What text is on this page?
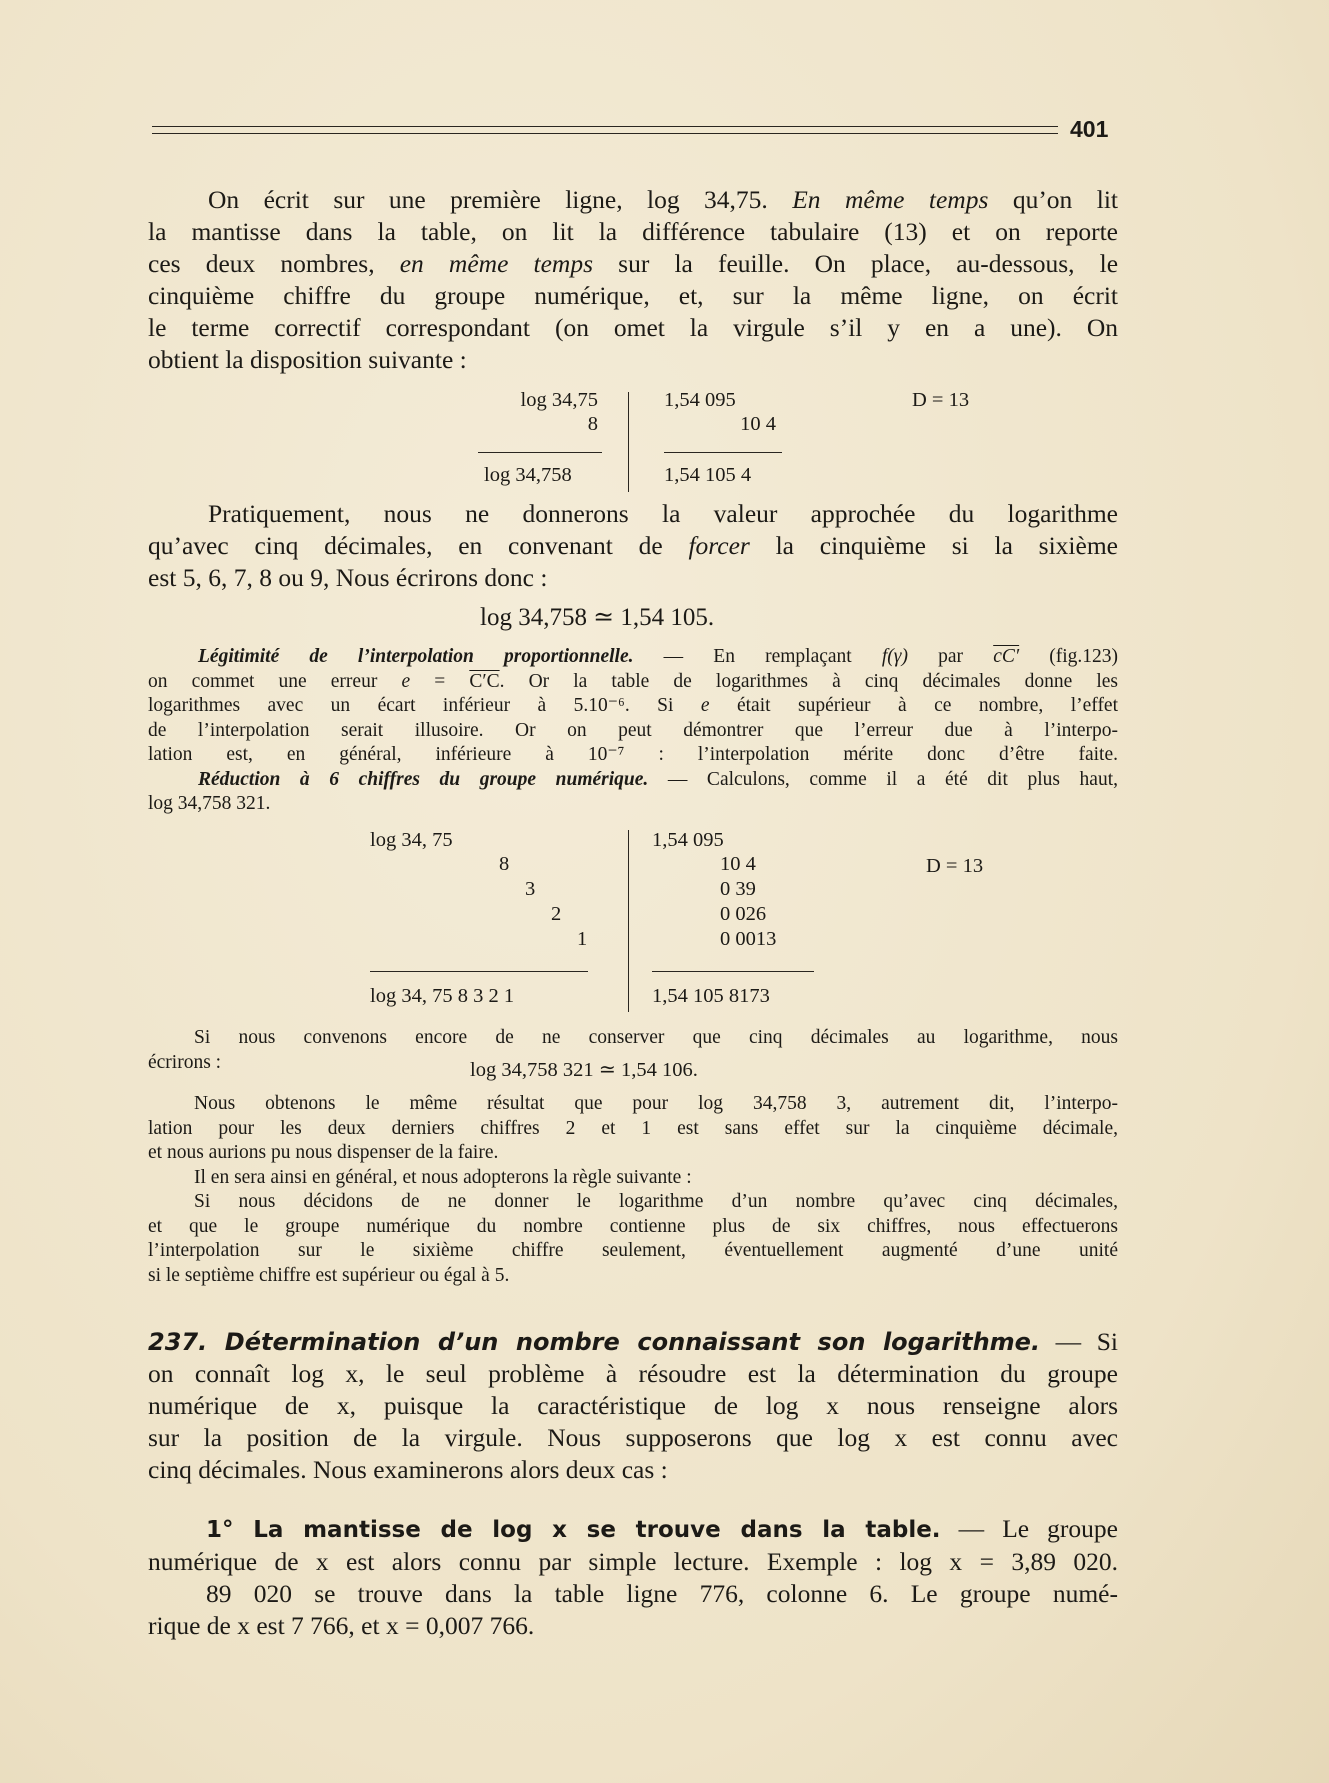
401
On écrit sur une première ligne, log 34,75. En même temps qu’on lit
la mantisse dans la table, on lit la différence tabulaire (13) et on reporte
ces deux nombres, en même temps sur la feuille. On place, au-dessous, le
cinquième chiffre du groupe numérique, et, sur la même ligne, on écrit
le terme correctif correspondant (on omet la virgule s’il y en a une). On
obtient la disposition suivante :
log 34,75
8
log 34,758
1,54 095
10 4
1,54 105 4
D = 13
Pratiquement, nous ne donnerons la valeur approchée du logarithme
qu’avec cinq décimales, en convenant de forcer la cinquième si la sixième
est 5, 6, 7, 8 ou 9, Nous écrirons donc :
log 34,758 ≃ 1,54 105.
Légitimité de l’interpolation proportionnelle. — En remplaçant f(γ) par cC′ (fig.123)
on commet une erreur e = C′C. Or la table de logarithmes à cinq décimales donne les
logarithmes avec un écart inférieur à 5.10⁻⁶. Si e était supérieur à ce nombre, l’effet
de l’interpolation serait illusoire. Or on peut démontrer que l’erreur due à l’interpo-
lation est, en général, inférieure à 10⁻⁷ : l’interpolation mérite donc d’être faite.
Réduction à 6 chiffres du groupe numérique. — Calculons, comme il a été dit plus haut,
log 34,758 321.
log 34, 75
8
3
2
1
log 34, 75 8 3 2 1
1,54 095
10 4
0 39
0 026
0 0013
1,54 105 8173
D = 13
Si nous convenons encore de ne conserver que cinq décimales au logarithme, nous
écrirons :	log 34,758 321 ≃ 1,54 106.
Nous obtenons le même résultat que pour log 34,758 3, autrement dit, l’interpo-
lation pour les deux derniers chiffres 2 et 1 est sans effet sur la cinquième décimale,
et nous aurions pu nous dispenser de la faire.
Il en sera ainsi en général, et nous adopterons la règle suivante :
Si nous décidons de ne donner le logarithme d’un nombre qu’avec cinq décimales,
et que le groupe numérique du nombre contienne plus de six chiffres, nous effectuerons
l’interpolation sur le sixième chiffre seulement, éventuellement augmenté d’une unité
si le septième chiffre est supérieur ou égal à 5.
237. Détermination d’un nombre connaissant son logarithme. — Si
on connaît log x, le seul problème à résoudre est la détermination du groupe
numérique de x, puisque la caractéristique de log x nous renseigne alors
sur la position de la virgule. Nous supposerons que log x est connu avec
cinq décimales. Nous examinerons alors deux cas :
1° La mantisse de log x se trouve dans la table. — Le groupe
numérique de x est alors connu par simple lecture. Exemple : log x = 3,89 020.
89 020 se trouve dans la table ligne 776, colonne 6. Le groupe numé-
rique de x est 7 766, et x = 0,007 766.
